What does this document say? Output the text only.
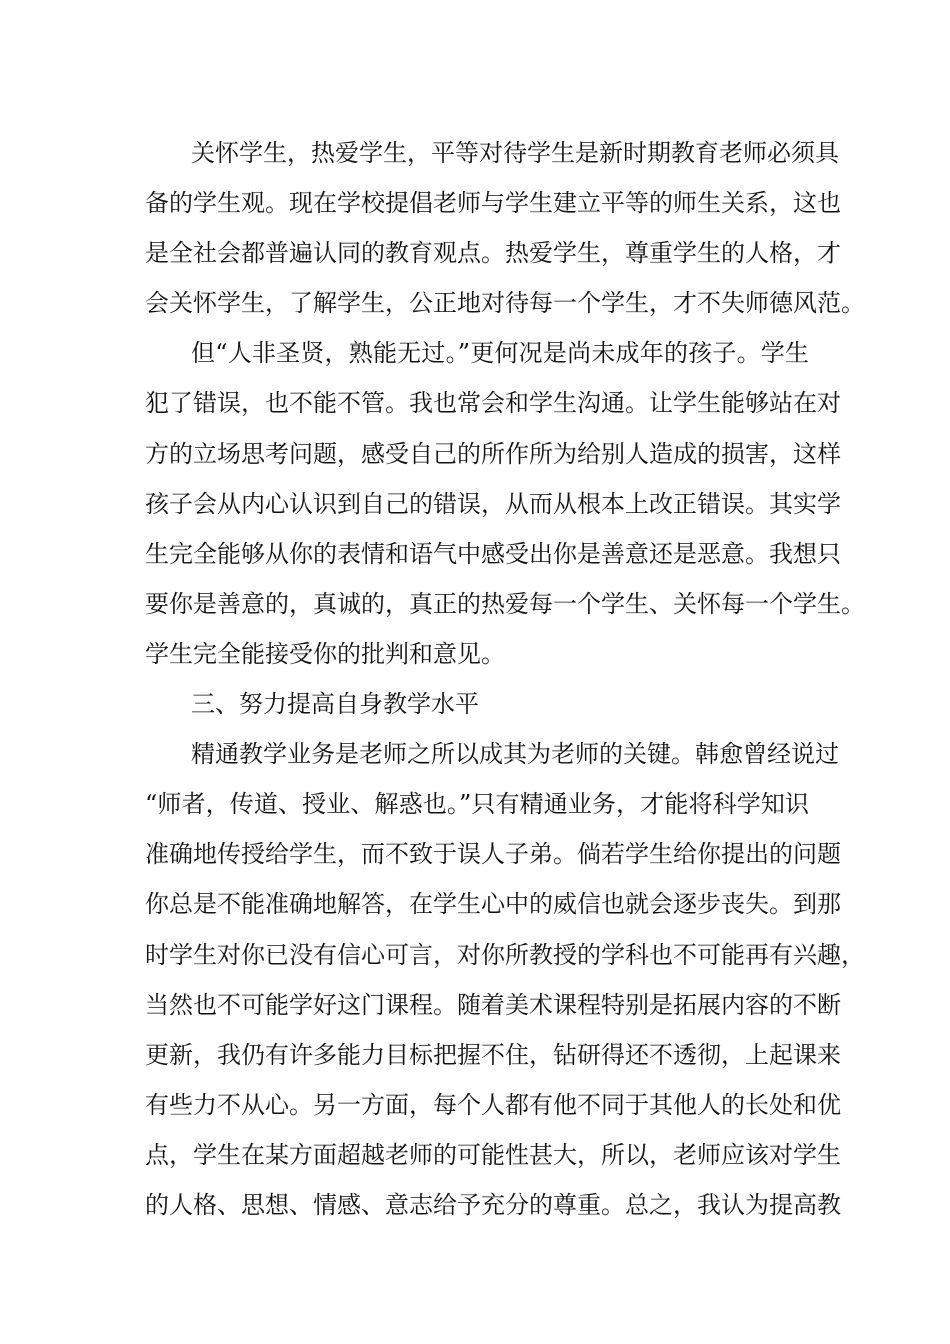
关怀学生，热爱学生，平等对待学生是新时期教育老师必须具
备的学生观。现在学校提倡老师与学生建立平等的师生关系，这也
是全社会都普遍认同的教育观点。热爱学生，尊重学生的人格，才
会关怀学生，了解学生，公正地对待每一个学生，才不失师德风范。
但“人非圣贤，熟能无过。”更何况是尚未成年的孩子。学生
犯了错误，也不能不管。我也常会和学生沟通。让学生能够站在对
方的立场思考问题，感受自己的所作所为给别人造成的损害，这样
孩子会从内心认识到自己的错误，从而从根本上改正错误。其实学
生完全能够从你的表情和语气中感受出你是善意还是恶意。我想只
要你是善意的，真诚的，真正的热爱每一个学生、关怀每一个学生。
学生完全能接受你的批判和意见。
三、努力提高自身教学水平
精通教学业务是老师之所以成其为老师的关键。韩愈曾经说过
“师者，传道、授业、解惑也。”只有精通业务，才能将科学知识
准确地传授给学生，而不致于误人子弟。倘若学生给你提出的问题
你总是不能准确地解答，在学生心中的威信也就会逐步丧失。到那
时学生对你已没有信心可言，对你所教授的学科也不可能再有兴趣，
当然也不可能学好这门课程。随着美术课程特别是拓展内容的不断
更新，我仍有许多能力目标把握不住，钻研得还不透彻，上起课来
有些力不从心。另一方面，每个人都有他不同于其他人的长处和优
点，学生在某方面超越老师的可能性甚大，所以，老师应该对学生
的人格、思想、情感、意志给予充分的尊重。总之，我认为提高教
